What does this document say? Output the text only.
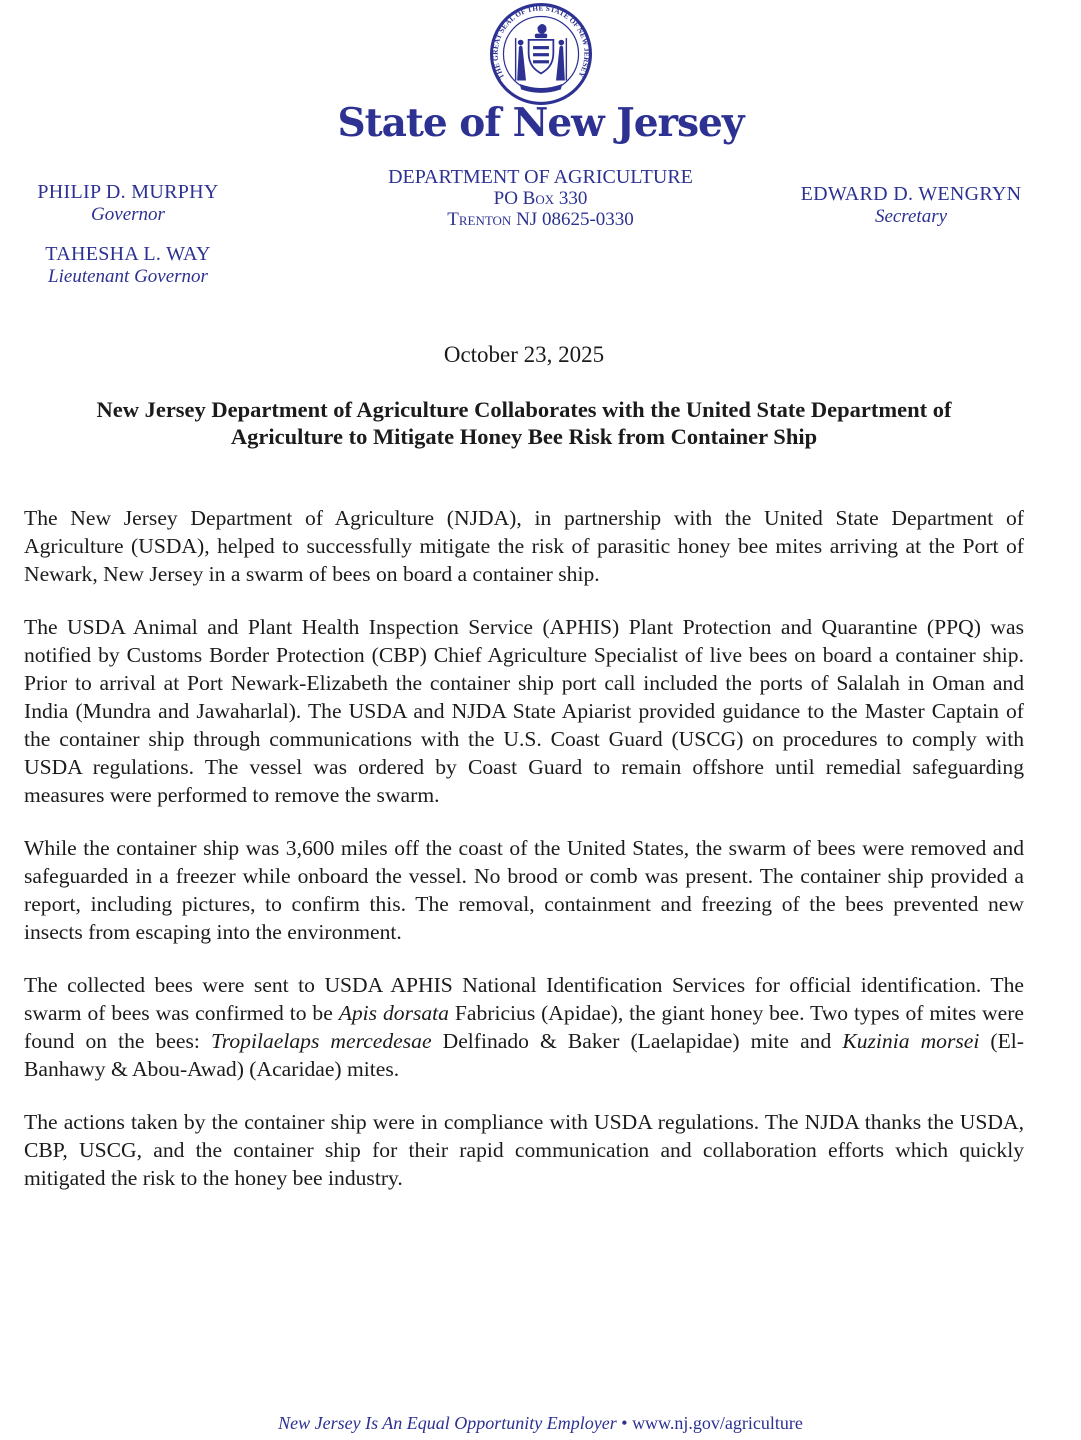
THE GREAT SEAL OF THE STATE OF NEW JERSEY
State of New Jersey
DEPARTMENT OF AGRICULTURE
PO Box 330
Trenton NJ 08625-0330
PHILIP D. MURPHY
Governor
TAHESHA L. WAY
Lieutenant Governor
EDWARD D. WENGRYN
Secretary
October 23, 2025
New Jersey Department of Agriculture Collaborates with the United State Department of Agriculture to Mitigate Honey Bee Risk from Container Ship

The New Jersey Department of Agriculture (NJDA), in partnership with the United State Department of Agriculture (USDA), helped to successfully mitigate the risk of parasitic honey bee mites arriving at the Port of Newark, New Jersey in a swarm of bees on board a container ship.

The USDA Animal and Plant Health Inspection Service (APHIS) Plant Protection and Quarantine (PPQ) was notified by Customs Border Protection (CBP) Chief Agriculture Specialist of live bees on board a container ship. Prior to arrival at Port Newark-Elizabeth the container ship port call included the ports of Salalah in Oman and India (Mundra and Jawaharlal). The USDA and NJDA State Apiarist provided guidance to the Master Captain of the container ship through communications with the U.S. Coast Guard (USCG) on procedures to comply with USDA regulations. The vessel was ordered by Coast Guard to remain offshore until remedial safeguarding measures were performed to remove the swarm.

While the container ship was 3,600 miles off the coast of the United States, the swarm of bees were removed and safeguarded in a freezer while onboard the vessel. No brood or comb was present. The container ship provided a report, including pictures, to confirm this. The removal, containment and freezing of the bees prevented new insects from escaping into the environment.

The collected bees were sent to USDA APHIS National Identification Services for official identification. The swarm of bees was confirmed to be Apis dorsata Fabricius (Apidae), the giant honey bee. Two types of mites were found on the bees: Tropilaelaps mercedesae Delfinado & Baker (Laelapidae) mite and Kuzinia morsei (El-Banhawy & Abou-Awad) (Acaridae) mites.

The actions taken by the container ship were in compliance with USDA regulations. The NJDA thanks the USDA, CBP, USCG, and the container ship for their rapid communication and collaboration efforts which quickly mitigated the risk to the honey bee industry.

New Jersey Is An Equal Opportunity Employer • www.nj.gov/agriculture
